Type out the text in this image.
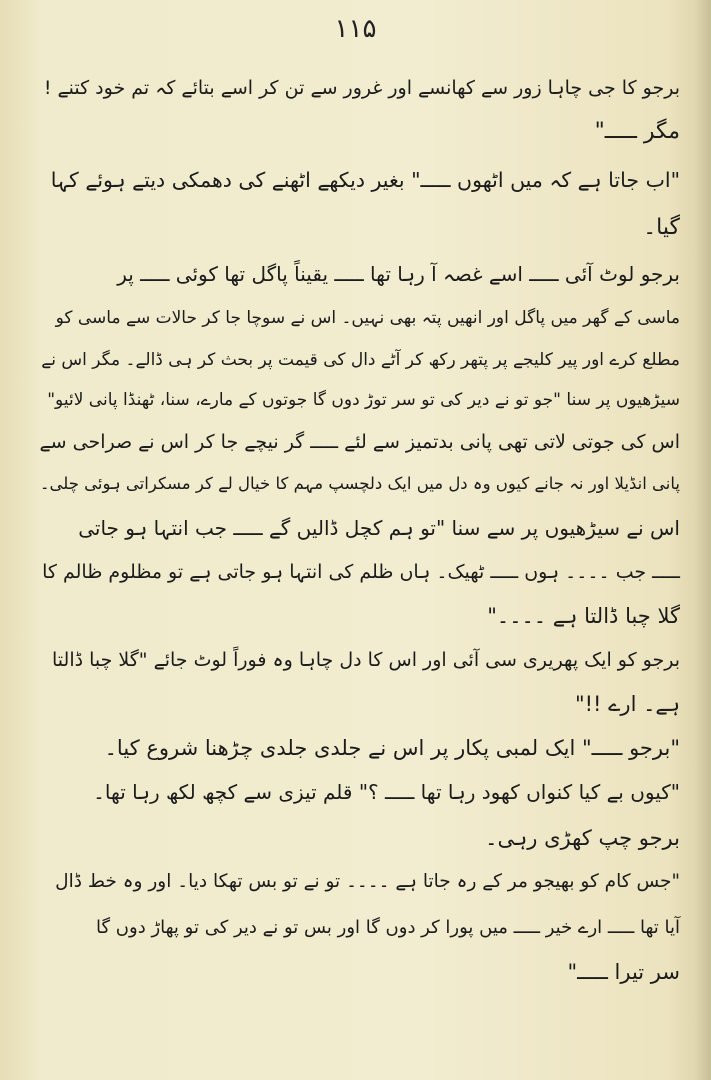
۱۱۵
برجو کا جی چاہا زور سے کھانسے اور غرور سے تن کر اسے بتائے کہ تم خود کتنے !
مگر ـــــ"
"اب جاتا ہے کہ میں اٹھوں ـــــ" بغیر دیکھے اٹھنے کی دھمکی دیتے ہوئے کہا
گیا۔
برجو لوٹ آئی ـــــ اسے غصہ آ رہا تھا ـــــ یقیناً پاگل تھا کوئی ـــــ پر
ماسی کے گھر میں پاگل اور انھیں پتہ بھی نہیں۔ اس نے سوچا جا کر حالات سے ماسی کو
مطلع کرے اور پیر کلیجے پر پتھر رکھ کر آٹے دال کی قیمت پر بحث کر ہی ڈالے۔ مگر اس نے
سیڑھیوں پر سنا "جو تو نے دیر کی تو سر توڑ دوں گا جوتوں کے مارے، سنا، ٹھنڈا پانی لائیو"
اس کی جوتی لاتی تھی پانی بدتمیز سے لئے ـــــ گر نیچے جا کر اس نے صراحی سے
پانی انڈیلا اور نہ جانے کیوں وہ دل میں ایک دلچسپ مہم کا خیال لے کر مسکراتی ہوئی چلی۔
اس نے سیڑھیوں پر سے سنا "تو ہم کچل ڈالیں گے ـــــ جب انتہا ہو جاتی
ـــــ جب ۔۔۔۔ ہوں ـــــ ٹھیک۔ ہاں ظلم کی انتہا ہو جاتی ہے تو مظلوم ظالم کا
گلا چبا ڈالتا ہے ۔۔۔۔"
برجو کو ایک پھریری سی آئی اور اس کا دل چاہا وہ فوراً لوٹ جائے "گلا چبا ڈالتا
ہے۔ ارے !!"
"برجو ـــــ" ایک لمبی پکار پر اس نے جلدی جلدی چڑھنا شروع کیا۔
"کیوں بے کیا کنواں کھود رہا تھا ـــــ ؟" قلم تیزی سے کچھ لکھ رہا تھا۔
برجو چپ کھڑی رہی۔
"جس کام کو بھیجو مر کے رہ جاتا ہے ۔۔۔۔ تو نے تو بس تھکا دیا۔ اور وہ خط ڈال
آیا تھا ـــــ ارے خیر ـــــ میں پورا کر دوں گا اور بس تو نے دیر کی تو پھاڑ دوں گا
سر تیرا ـــــ"
